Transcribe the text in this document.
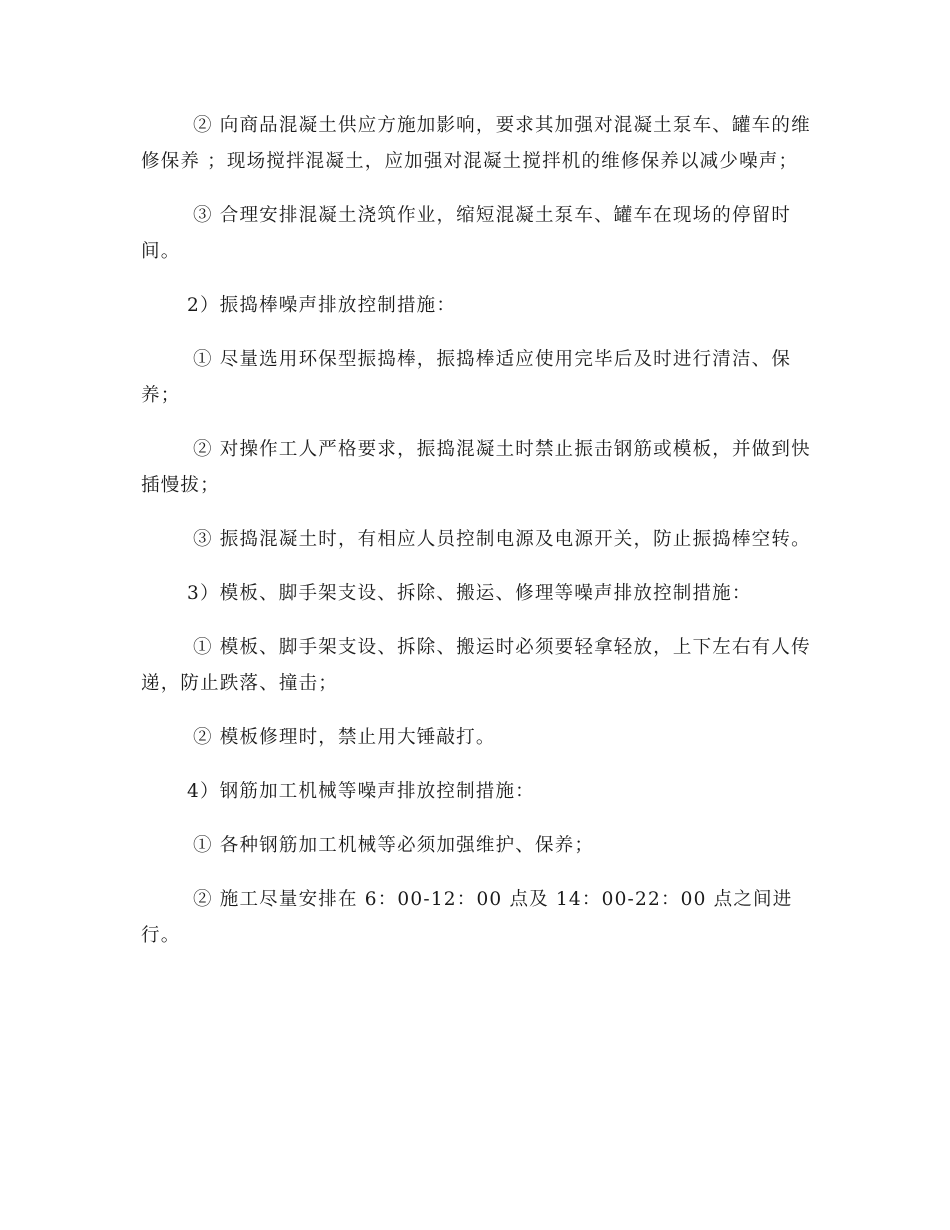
② 向商品混凝土供应方施加影响，要求其加强对混凝土泵车、罐车的维修保养 ；现场搅拌混凝土，应加强对混凝土搅拌机的维修保养以减少噪声；

③ 合理安排混凝土浇筑作业，缩短混凝土泵车、罐车在现场的停留时间。

2）振捣棒噪声排放控制措施：

① 尽量选用环保型振捣棒，振捣棒适应使用完毕后及时进行清洁、保养；

② 对操作工人严格要求，振捣混凝土时禁止振击钢筋或模板，并做到快插慢拔；

③ 振捣混凝土时，有相应人员控制电源及电源开关，防止振捣棒空转。

3）模板、脚手架支设、拆除、搬运、修理等噪声排放控制措施：

① 模板、脚手架支设、拆除、搬运时必须要轻拿轻放，上下左右有人传递，防止跌落、撞击；

② 模板修理时，禁止用大锤敲打。

4）钢筋加工机械等噪声排放控制措施：

① 各种钢筋加工机械等必须加强维护、保养；

② 施工尽量安排在 6：00-12：00 点及 14：00-22：00 点之间进行。
